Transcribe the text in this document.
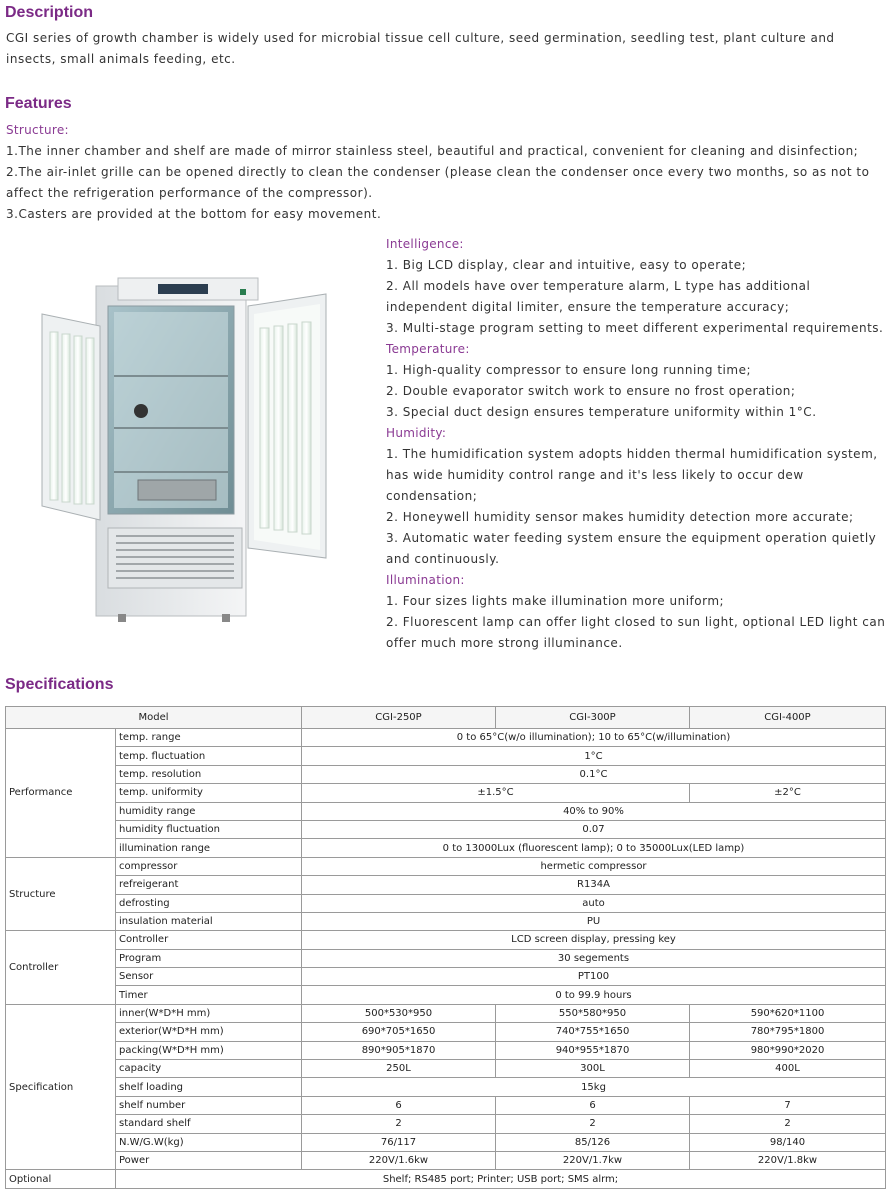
Description

CGI series of growth chamber is widely used for microbial tissue cell culture, seed germination, seedling test, plant culture and insects, small animals feeding, etc.

Features
Structure:

1.The inner chamber and shelf are made of mirror stainless steel, beautiful and practical, convenient for cleaning and disinfection;

2.The air-inlet grille can be opened directly to clean the condenser (please clean the condenser once every two months, so as not to affect the refrigeration performance of the compressor).

3.Casters are provided at the bottom for easy movement.

Intelligence:

1. Big LCD display, clear and intuitive, easy to operate;

2. All models have over temperature alarm, L type has additional independent digital limiter, ensure the temperature accuracy;

3. Multi-stage program setting to meet different experimental requirements.

Temperature:

1. High-quality compressor to ensure long running time;

2. Double evaporator switch work to ensure no frost operation;

3. Special duct design ensures temperature uniformity within 1°C.

Humidity:

1. The humidification system adopts hidden thermal humidification system, has wide humidity control range and it's less likely to occur dew condensation;

2. Honeywell humidity sensor makes humidity detection more accurate;

3. Automatic water feeding system ensure the equipment operation quietly and continuously.

Illumination:

1. Four sizes lights make illumination more uniform;

2. Fluorescent lamp can offer light closed to sun light, optional LED light can offer much more strong illuminance.

Specifications
Model		CGI-250P	CGI-300P	CGI-400P
Performance	temp. range	0 to 65°C(w/o illumination); 10 to 65°C(w/illumination)		
	temp. fluctuation	1°C		
	temp. resolution	0.1°C		
	temp. uniformity	±1.5°C		±2°C
	humidity range	40% to 90%		
	humidity fluctuation	0.07		
	illumination range	0 to 13000Lux (fluorescent lamp); 0 to 35000Lux(LED lamp)		
Structure	compressor	hermetic compressor		
	refreigerant	R134A		
	defrosting	auto		
	insulation material	PU		
Controller	Controller	LCD screen display, pressing key		
	Program	30 segements		
	Sensor	PT100		
	Timer	0 to 99.9 hours		
Specification	inner(W*D*H mm)	500*530*950	550*580*950	590*620*1100
	exterior(W*D*H mm)	690*705*1650	740*755*1650	780*795*1800
	packing(W*D*H mm)	890*905*1870	940*955*1870	980*990*2020
	capacity	250L	300L	400L
	shelf loading	15kg		
	shelf number	6	6	7
	standard shelf	2	2	2
	N.W/G.W(kg)	76/117	85/126	98/140
	Power	220V/1.6kw	220V/1.7kw	220V/1.8kw
Optional	Shelf; RS485 port; Printer; USB port; SMS alrm;			
